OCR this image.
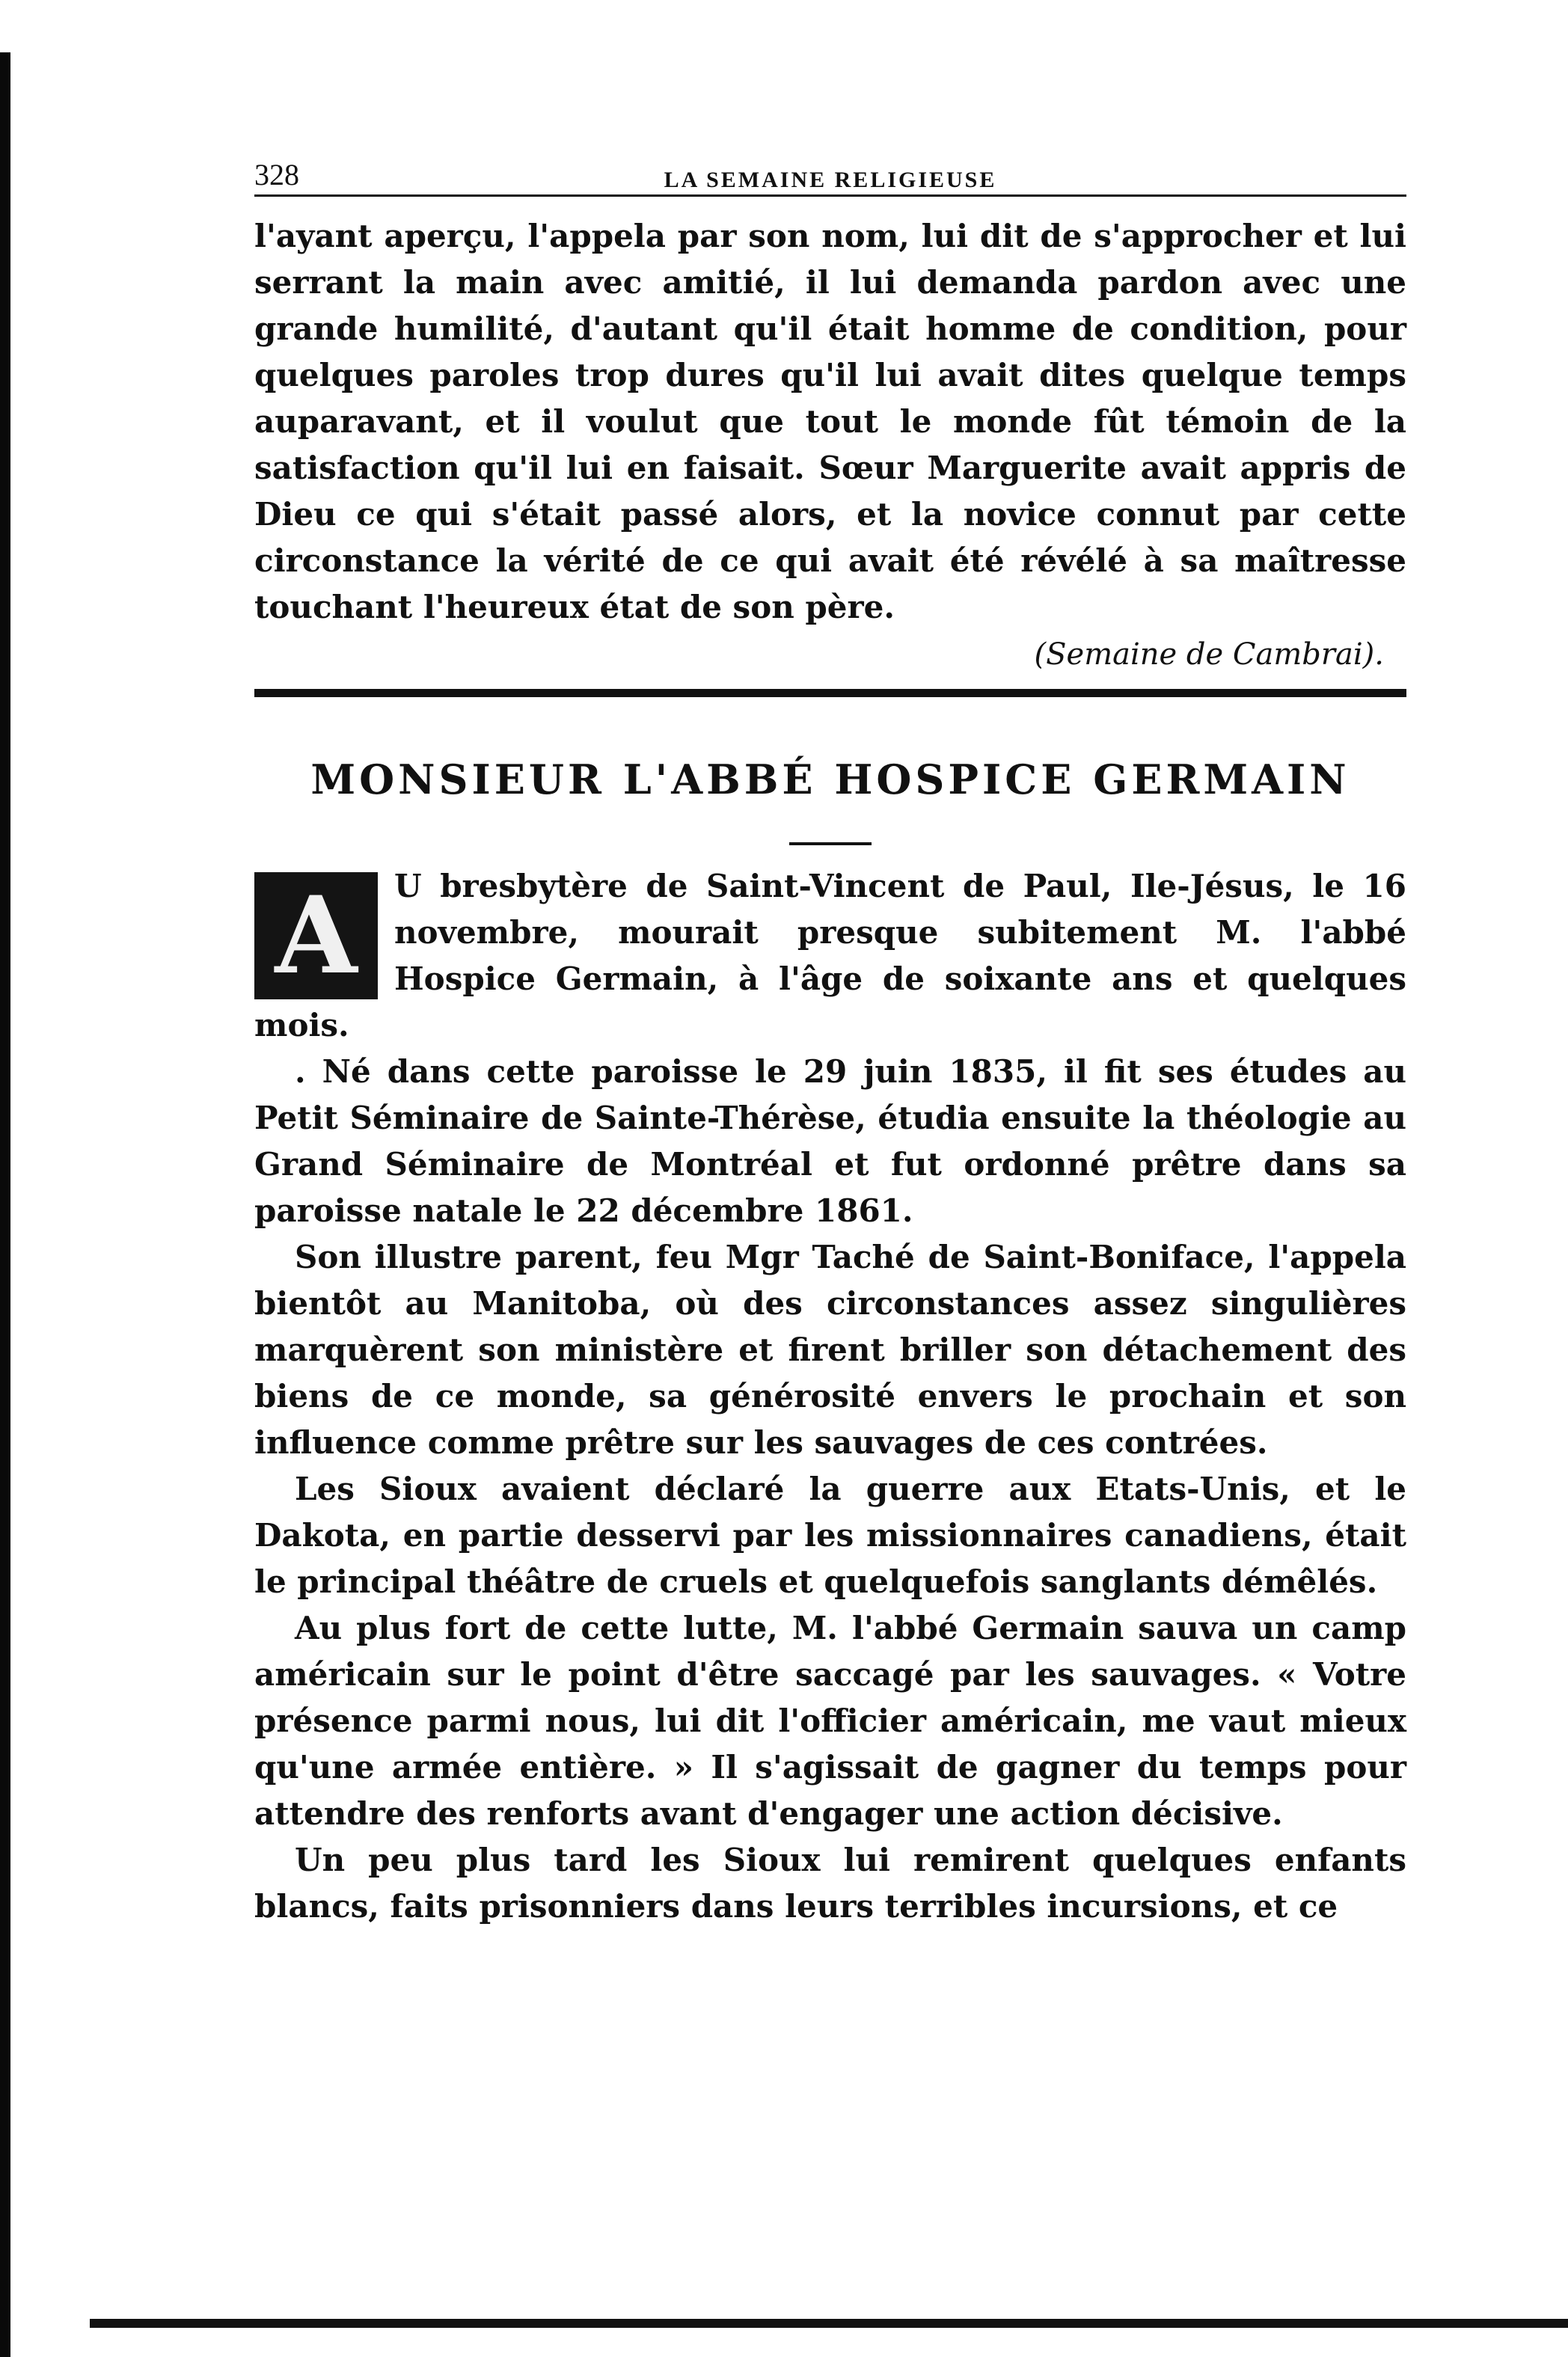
328	LA SEMAINE RELIGIEUSE

l'ayant aperçu, l'appela par son nom, lui dit de s'approcher et lui serrant la main avec amitié, il lui demanda pardon avec une grande humilité, d'autant qu'il était homme de condition, pour quelques paroles trop dures qu'il lui avait dites quelque temps auparavant, et il voulut que tout le monde fût témoin de la satisfaction qu'il lui en faisait. Sœur Marguerite avait appris de Dieu ce qui s'était passé alors, et la novice connut par cette circonstance la vérité de ce qui avait été révélé à sa maîtresse touchant l'heureux état de son père.

(Semaine de Cambrai).
MONSIEUR L'ABBÉ HOSPICE GERMAIN
A	U bresbytère de Saint-Vincent de Paul, Ile-Jésus, le 16 novembre, mourait presque subitement M. l'abbé Hospice Germain, à l'âge de soixante ans et quelques mois.

. Né dans cette paroisse le 29 juin 1835, il fit ses études au Petit Séminaire de Sainte-Thérèse, étudia ensuite la théologie au Grand Séminaire de Montréal et fut ordonné prêtre dans sa paroisse natale le 22 décembre 1861.

Son illustre parent, feu Mgr Taché de Saint-Boniface, l'appela bientôt au Manitoba, où des circonstances assez singulières marquèrent son ministère et firent briller son détachement des biens de ce monde, sa générosité envers le prochain et son influence comme prêtre sur les sauvages de ces contrées.

Les Sioux avaient déclaré la guerre aux Etats-Unis, et le Dakota, en partie desservi par les missionnaires canadiens, était le principal théâtre de cruels et quelquefois sanglants démêlés.

Au plus fort de cette lutte, M. l'abbé Germain sauva un camp américain sur le point d'être saccagé par les sauvages. « Votre présence parmi nous, lui dit l'officier américain, me vaut mieux qu'une armée entière. » Il s'agissait de gagner du temps pour attendre des renforts avant d'engager une action décisive.

Un peu plus tard les Sioux lui remirent quelques enfants blancs, faits prisonniers dans leurs terribles incursions, et ce
